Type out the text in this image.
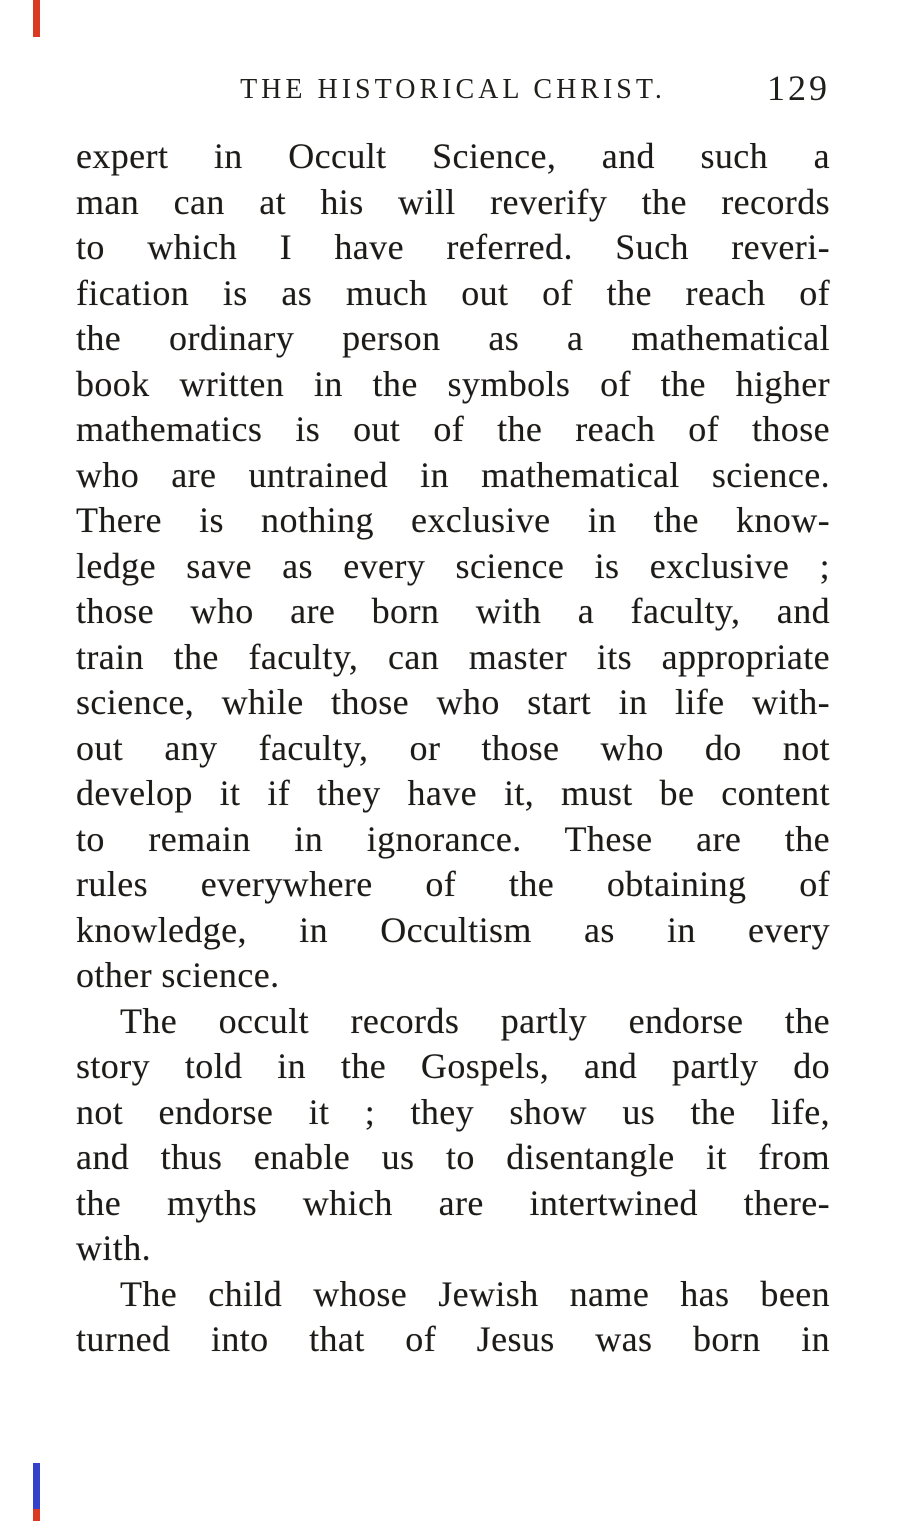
THE HISTORICAL CHRIST.	129
expert in Occult Science, and such a
man can at his will reverify the records
to which I have referred. Such reveri-
fication is as much out of the reach of
the ordinary person as a mathematical
book written in the symbols of the higher
mathematics is out of the reach of those
who are untrained in mathematical science.
There is nothing exclusive in the know-
ledge save as every science is exclusive ;
those who are born with a faculty, and
train the faculty, can master its appropriate
science, while those who start in life with-
out any faculty, or those who do not
develop it if they have it, must be content
to remain in ignorance. These are the
rules everywhere of the obtaining of
knowledge, in Occultism as in every
other science.
The occult records partly endorse the
story told in the Gospels, and partly do
not endorse it ; they show us the life,
and thus enable us to disentangle it from
the myths which are intertwined there-
with.
The child whose Jewish name has been
turned into that of Jesus was born in
